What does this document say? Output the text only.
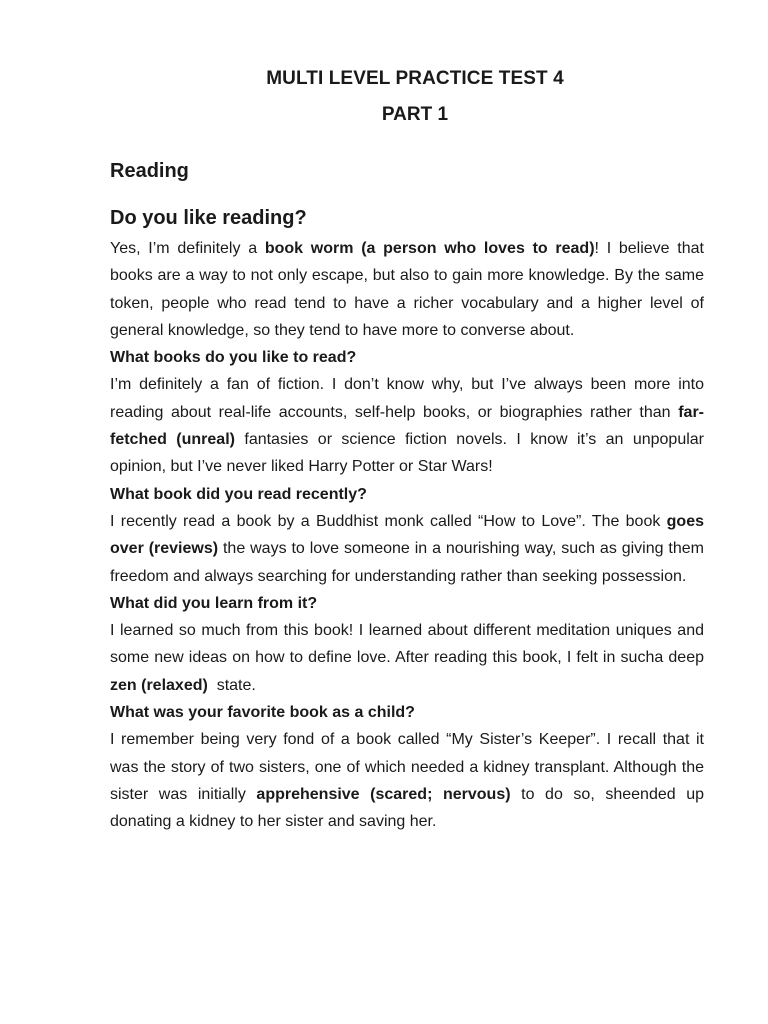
MULTI LEVEL PRACTICE TEST 4
PART 1
Reading

Do you like reading?

Yes, I’m definitely a book worm (a person who loves to read)! I believe that books are a way to not only escape, but also to gain more knowledge. By the same token, people who read tend to have a richer vocabulary and a higher level of general knowledge, so they tend to have more to converse about.

What books do you like to read?

I’m definitely a fan of fiction. I don’t know why, but I’ve always been more into reading about real-life accounts, self-help books, or biographies rather than far-fetched (unreal) fantasies or science fiction novels. I know it’s an unpopular opinion, but I’ve never liked Harry Potter or Star Wars!

What book did you read recently?

I recently read a book by a Buddhist monk called “How to Love”. The book goes over (reviews) the ways to love someone in a nourishing way, such as giving them freedom and always searching for understanding rather than seeking possession.

What did you learn from it?

I learned so much from this book! I learned about different meditation uniques and some new ideas on how to define love. After reading this book, I felt in sucha deep zen (relaxed)  state.

What was your favorite book as a child?

I remember being very fond of a book called “My Sister’s Keeper”. I recall that it was the story of two sisters, one of which needed a kidney transplant. Although the sister was initially apprehensive (scared; nervous) to do so, sheended up donating a kidney to her sister and saving her.
